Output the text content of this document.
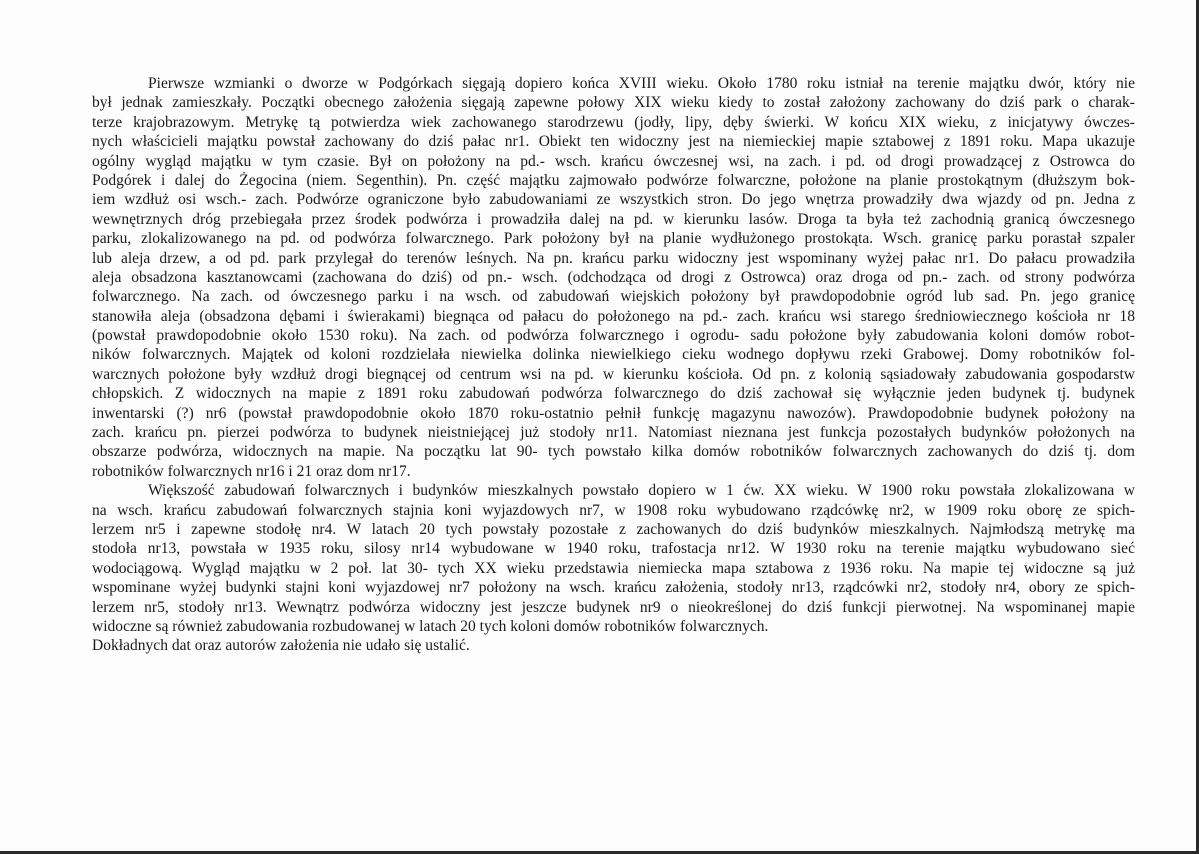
Pierwsze wzmianki o dworze w Podgórkach sięgają dopiero końca XVIII wieku. Około 1780 roku istniał na terenie majątku dwór, który nie
był jednak zamieszkały. Początki obecnego założenia sięgają zapewne połowy XIX wieku kiedy to został założony zachowany do dziś park o charak-
terze krajobrazowym. Metrykę tą potwierdza wiek zachowanego starodrzewu (jodły, lipy, dęby świerki. W końcu XIX wieku, z inicjatywy ówczes-
nych właścicieli majątku powstał zachowany do dziś pałac nr1. Obiekt ten widoczny jest na niemieckiej mapie sztabowej z 1891 roku. Mapa ukazuje
ogólny wygląd majątku w tym czasie. Był on położony na pd.- wsch. krańcu ówczesnej wsi, na zach. i pd. od drogi prowadzącej z Ostrowca do
Podgórek i dalej do Żegocina (niem. Segenthin). Pn. część majątku zajmowało podwórze folwarczne, położone na planie prostokątnym (dłuższym bok-
iem wzdłuż osi wsch.- zach. Podwórze ograniczone było zabudowaniami ze wszystkich stron. Do jego wnętrza prowadziły dwa wjazdy od pn. Jedna z
wewnętrznych dróg przebiegała przez środek podwórza i prowadziła dalej na pd. w kierunku lasów. Droga ta była też zachodnią granicą ówczesnego
parku, zlokalizowanego na pd. od podwórza folwarcznego. Park położony był na planie wydłużonego prostokąta. Wsch. granicę parku porastał szpaler
lub aleja drzew, a od pd. park przylegał do terenów leśnych. Na pn. krańcu parku widoczny jest wspominany wyżej pałac nr1. Do pałacu prowadziła
aleja obsadzona kasztanowcami (zachowana do dziś) od pn.- wsch. (odchodząca od drogi z Ostrowca) oraz droga od pn.- zach. od strony podwórza
folwarcznego. Na zach. od ówczesnego parku i na wsch. od zabudowań wiejskich położony był prawdopodobnie ogród lub sad. Pn. jego granicę
stanowiła aleja (obsadzona dębami i świerakami) biegnąca od pałacu do położonego na pd.- zach. krańcu wsi starego średniowiecznego kościoła nr 18
(powstał prawdopodobnie około 1530 roku). Na zach. od podwórza folwarcznego i ogrodu- sadu położone były zabudowania koloni domów robot-
ników folwarcznych. Majątek od koloni rozdzielała niewielka dolinka niewielkiego cieku wodnego dopływu rzeki Grabowej. Domy robotników fol-
warcznych położone były wzdłuż drogi biegnącej od centrum wsi na pd. w kierunku kościoła. Od pn. z kolonią sąsiadowały zabudowania gospodarstw
chłopskich. Z widocznych na mapie z 1891 roku zabudowań podwórza folwarcznego do dziś zachował się wyłącznie jeden budynek tj. budynek
inwentarski (?) nr6 (powstał prawdopodobnie około 1870 roku-ostatnio pełnił funkcję magazynu nawozów). Prawdopodobnie budynek położony na
zach. krańcu pn. pierzei podwórza to budynek nieistniejącej już stodoły nr11. Natomiast nieznana jest funkcja pozostałych budynków położonych na
obszarze podwórza, widocznych na mapie. Na początku lat 90- tych powstało kilka domów robotników folwarcznych zachowanych do dziś tj. dom
robotników folwarcznych nr16 i 21 oraz dom nr17.
Większość zabudowań folwarcznych i budynków mieszkalnych powstało dopiero w 1 ćw. XX wieku. W 1900 roku powstała zlokalizowana w
na wsch. krańcu zabudowań folwarcznych stajnia koni wyjazdowych nr7, w 1908 roku wybudowano rządcówkę nr2, w 1909 roku oborę ze spich-
lerzem nr5 i zapewne stodołę nr4. W latach 20 tych powstały pozostałe z zachowanych do dziś budynków mieszkalnych. Najmłodszą metrykę ma
stodoła nr13, powstała w 1935 roku, silosy nr14 wybudowane w 1940 roku, trafostacja nr12. W 1930 roku na terenie majątku wybudowano sieć
wodociągową. Wygląd majątku w 2 poł. lat 30- tych XX wieku przedstawia niemiecka mapa sztabowa z 1936 roku. Na mapie tej widoczne są już
wspominane wyżej budynki stajni koni wyjazdowej nr7 położony na wsch. krańcu założenia, stodoły nr13, rządcówki nr2, stodoły nr4, obory ze spich-
lerzem nr5, stodoły nr13. Wewnątrz podwórza widoczny jest jeszcze budynek nr9 o nieokreślonej do dziś funkcji pierwotnej. Na wspominanej mapie
widoczne są również zabudowania rozbudowanej w latach 20 tych koloni domów robotników folwarcznych.
Dokładnych dat oraz autorów założenia nie udało się ustalić.
